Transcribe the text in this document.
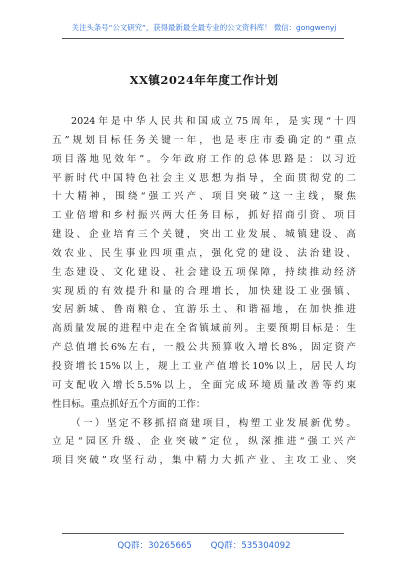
关注头条号“公文研究”，获得最新最全最专业的公文资料库！ 微信：gongwenyj
XX镇2024年年度工作计划
2024年是中华人民共和国成立75周年，是实现“十四
五”规划目标任务关键一年，也是枣庄市委确定的“重点
项目落地见效年”。今年政府工作的总体思路是：以习近
平新时代中国特色社会主义思想为指导，全面贯彻党的二
十大精神，围绕“强工兴产、项目突破”这一主线，聚焦
工业倍增和乡村振兴两大任务目标，抓好招商引资、项目
建设、企业培育三个关键，突出工业发展、城镇建设、高
效农业、民生事业四项重点，强化党的建设、法治建设、
生态建设、文化建设、社会建设五项保障，持续推动经济
实现质的有效提升和量的合理增长，加快建设工业强镇、
安居新城、鲁南粮仓、宜游乐土、和谐福地，在加快推进
高质量发展的进程中走在全省镇域前列。主要预期目标是：生
产总值增长6%左右，一般公共预算收入增长8%，固定资产
投资增长15%以上，规上工业产值增长10%以上，居民人均
可支配收入增长5.5%以上，全面完成环境质量改善等约束
性目标。重点抓好五个方面的工作：
（一）坚定不移抓招商建项目，构塑工业发展新优势。
立足“园区升级、企业突破”定位，纵深推进“强工兴产
项目突破”攻坚行动，集中精力大抓产业、主攻工业、突
QQ群：30265665 QQ群：535304092
